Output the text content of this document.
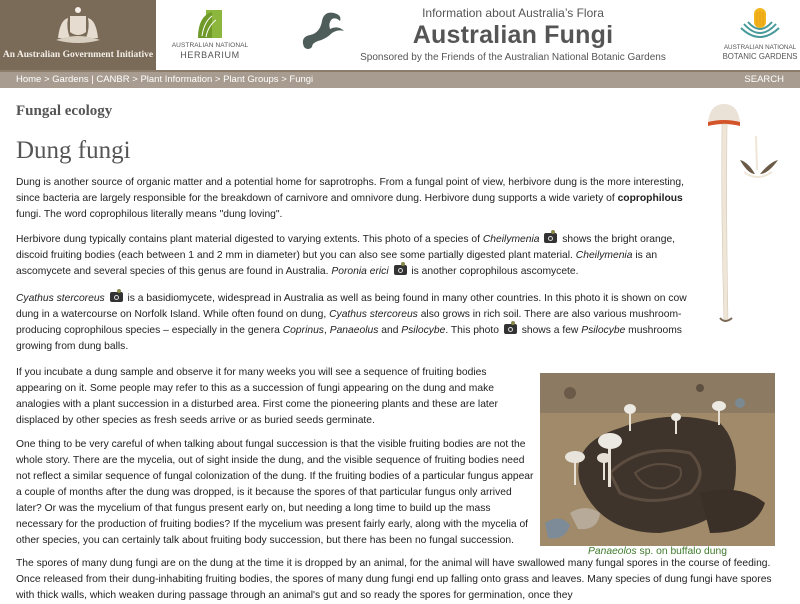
An Australian Government Initiative
AUSTRALIAN NATIONAL
HERBARIUM
Information about Australia’s Flora
Australian Fungi
Sponsored by the Friends of the Australian National Botanic Gardens
AUSTRALIAN NATIONAL
BOTANIC GARDENS
Home > Gardens | CANBR > Plant Information > Plant Groups > Fungi	SEARCH
Fungal ecology
Dung fungi

Dung is another source of organic matter and a potential home for saprotrophs. From a fungal point of view, herbivore dung is the more interesting, since bacteria are largely responsible for the breakdown of carnivore and omnivore dung. Herbivore dung supports a wide variety of coprophilous fungi. The word coprophilous literally means "dung loving".

Herbivore dung typically contains plant material digested to varying extents. This photo of a species of Cheilymenia  shows the bright orange, discoid fruiting bodies (each between 1 and 2 mm in diameter) but you can also see some partially digested plant material. Cheilymenia is an ascomycete and several species of this genus are found in Australia. Poronia erici  is another coprophilous ascomycete.

Cyathus stercoreus  is a basidiomycete, widespread in Australia as well as being found in many other countries. In this photo it is shown on cow dung in a watercourse on Norfolk Island. While often found on dung, Cyathus stercoreus also grows in rich soil. There are also various mushroom-producing coprophilous species – especially in the genera Coprinus, Panaeolus and Psilocybe. This photo  shows a few Psilocybe mushrooms growing from dung balls.

If you incubate a dung sample and observe it for many weeks you will see a sequence of fruiting bodies appearing on it. Some people may refer to this as a succession of fungi appearing on the dung and make analogies with a plant succession in a disturbed area. First come the pioneering plants and these are later displaced by other species as fresh seeds arrive or as buried seeds germinate.

One thing to be very careful of when talking about fungal succession is that the visible fruiting bodies are not the whole story. There are the mycelia, out of sight inside the dung, and the visible sequence of fruiting bodies need not reflect a similar sequence of fungal colonization of the dung. If the fruiting bodies of a particular fungus appear a couple of months after the dung was dropped, is it because the spores of that particular fungus only arrived later? Or was the mycelium of that fungus present early on, but needing a long time to build up the mass necessary for the production of fruiting bodies? If the mycelium was present fairly early, along with the mycelia of other species, you can certainly talk about fruiting body succession, but there has been no fungal succession.

Panaeolos sp. on buffalo dung

The spores of many dung fungi are on the dung at the time it is dropped by an animal, for the animal will have swallowed many fungal spores in the course of feeding. Once released from their dung-inhabiting fruiting bodies, the spores of many dung fungi end up falling onto grass and leaves. Many species of dung fungi have spores with thick walls, which weaken during passage through an animal's gut and so ready the spores for germination, once they
